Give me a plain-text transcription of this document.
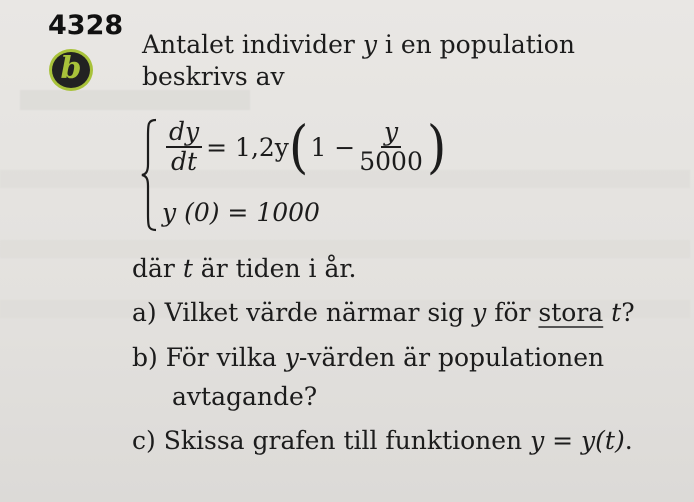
4328
b
Antalet individer y i en population
beskrivs av
$\frac{dy}{dt} = 1,2y$ ( $1 - \frac{y}{5000}$ )
y (0) = 1000
där t är tiden i år.
a) Vilket värde närmar sig y för stora t?
b) För vilka y-värden är populationen
avtagande?
c) Skissa grafen till funktionen y = y(t).
